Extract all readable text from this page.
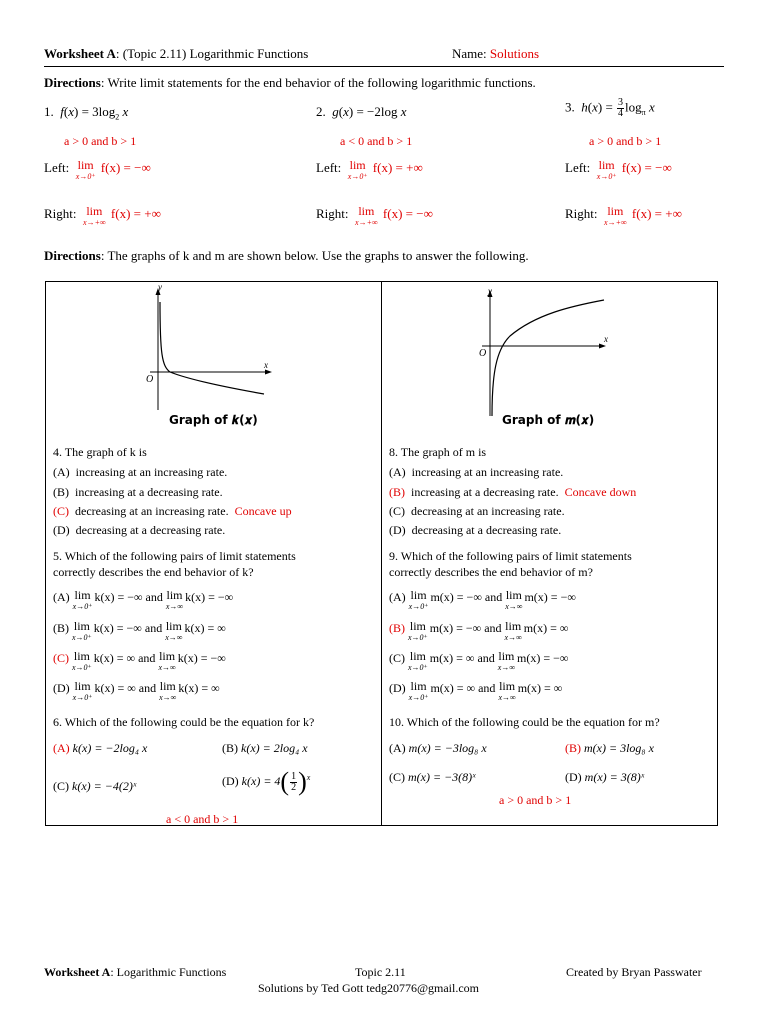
Worksheet A: (Topic 2.11) Logarithmic Functions	Name: Solutions
Directions: Write limit statements for the end behavior of the following logarithmic functions.
1. $f(x) = 3\log_2$ x
a > 0 and b > 1
Left: lim
x→0⁺
f(x) = −∞
Right: lim
x→+∞
f(x) = +∞
2. g(x) = −2log x
a < 0 and b > 1
Left: lim
x→0⁺
f(x) = +∞
Right: lim
x→+∞
f(x) = −∞
3. $h(x) = \frac{3}{4} \log_\pi x$
a > 0 and b > 1
Left: lim
x→0⁺
f(x) = −∞
Right: lim
x→+∞
f(x) = +∞
Directions: The graphs of k and m are shown below. Use the graphs to answer the following.
y
x
O
Graph of 𝒌(𝒙)
y
x
O
Graph of 𝒎(𝒙)
4. The graph of k is
(A) increasing at an increasing rate.
(B) increasing at a decreasing rate.
(C) decreasing at an increasing rate. Concave up
(D) decreasing at a decreasing rate.
5. Which of the following pairs of limit statements
correctly describes the end behavior of k?
(A) lim
x→0⁺
k(x) = −∞ and lim
x→∞
k(x) = −∞
(B) lim
x→0⁺
k(x) = −∞ and lim
x→∞
k(x) = ∞
(C) lim
x→0⁺
k(x) = ∞ and lim
x→∞
k(x) = −∞
(D) lim
x→0⁺
k(x) = ∞ and lim
x→∞
k(x) = ∞
6. Which of the following could be the equation for k?
(A) k(x) = −2log₄ x	(B) k(x) = 2log₄ x
(C) k(x) = −4(2)ˣ	(D) $k(x) = 4( \frac{1}{2} )^x$
a < 0 and b > 1
8. The graph of m is
(A) increasing at an increasing rate.
(B) increasing at a decreasing rate. Concave down
(C) decreasing at an increasing rate.
(D) decreasing at a decreasing rate.
9. Which of the following pairs of limit statements
correctly describes the end behavior of m?
(A) lim
x→0⁺
m(x) = −∞ and lim
x→∞
m(x) = −∞
(B) lim
x→0⁺
m(x) = −∞ and lim
x→∞
m(x) = ∞
(C) lim
x→0⁺
m(x) = ∞ and lim
x→∞
m(x) = −∞
(D) lim
x→0⁺
m(x) = ∞ and lim
x→∞
m(x) = ∞
10. Which of the following could be the equation for m?
(A) m(x) = −3log₈ x	(B) m(x) = 3log₈ x
(C) m(x) = −3(8)ˣ	(D) m(x) = 3(8)ˣ
a > 0 and b > 1
Worksheet A: Logarithmic Functions	Topic 2.11	Created by Bryan Passwater
Solutions by Ted Gott tedg20776@gmail.com
